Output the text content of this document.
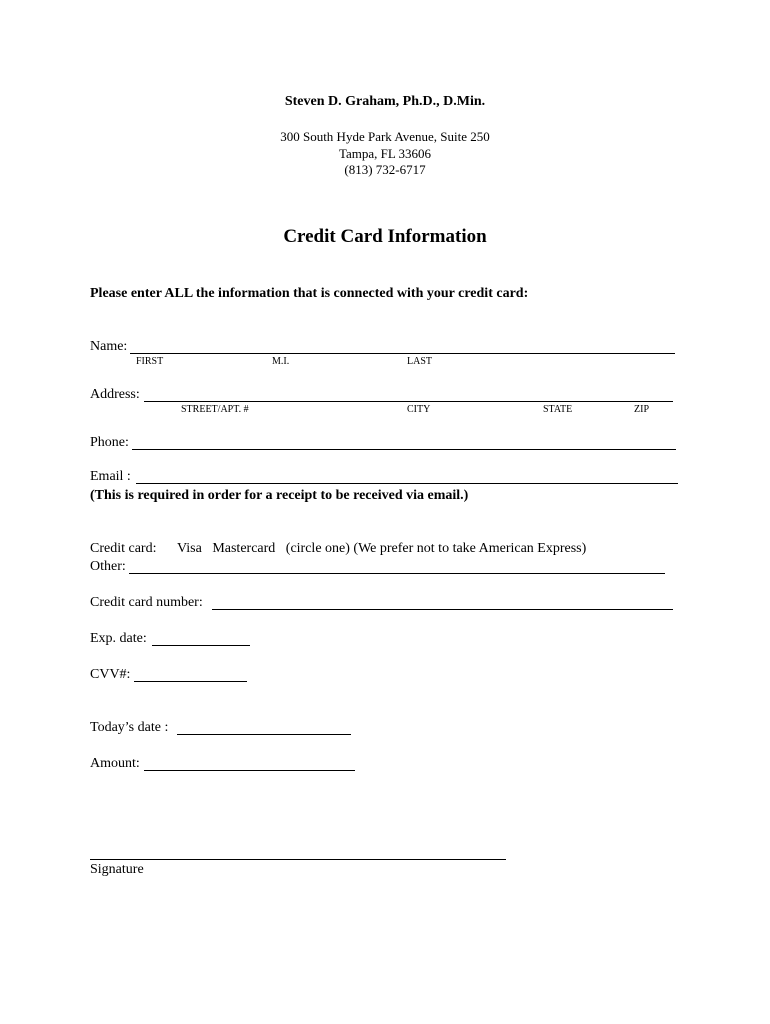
Steven D. Graham, Ph.D., D.Min.
300 South Hyde Park Avenue, Suite 250
Tampa, FL 33606
(813) 732-6717
Credit Card Information
Please enter ALL the information that is connected with your credit card:
Name:
FIRST	M.I.	LAST
Address:
STREET/APT. #	CITY	STATE	ZIP
Phone:
Email :
(This is required in order for a receipt to be received via email.)
Credit card: Visa   Mastercard   (circle one) (We prefer not to take American Express)
Other:
Credit card number:
Exp. date:
CVV#:
Today’s date :
Amount:
Signature
